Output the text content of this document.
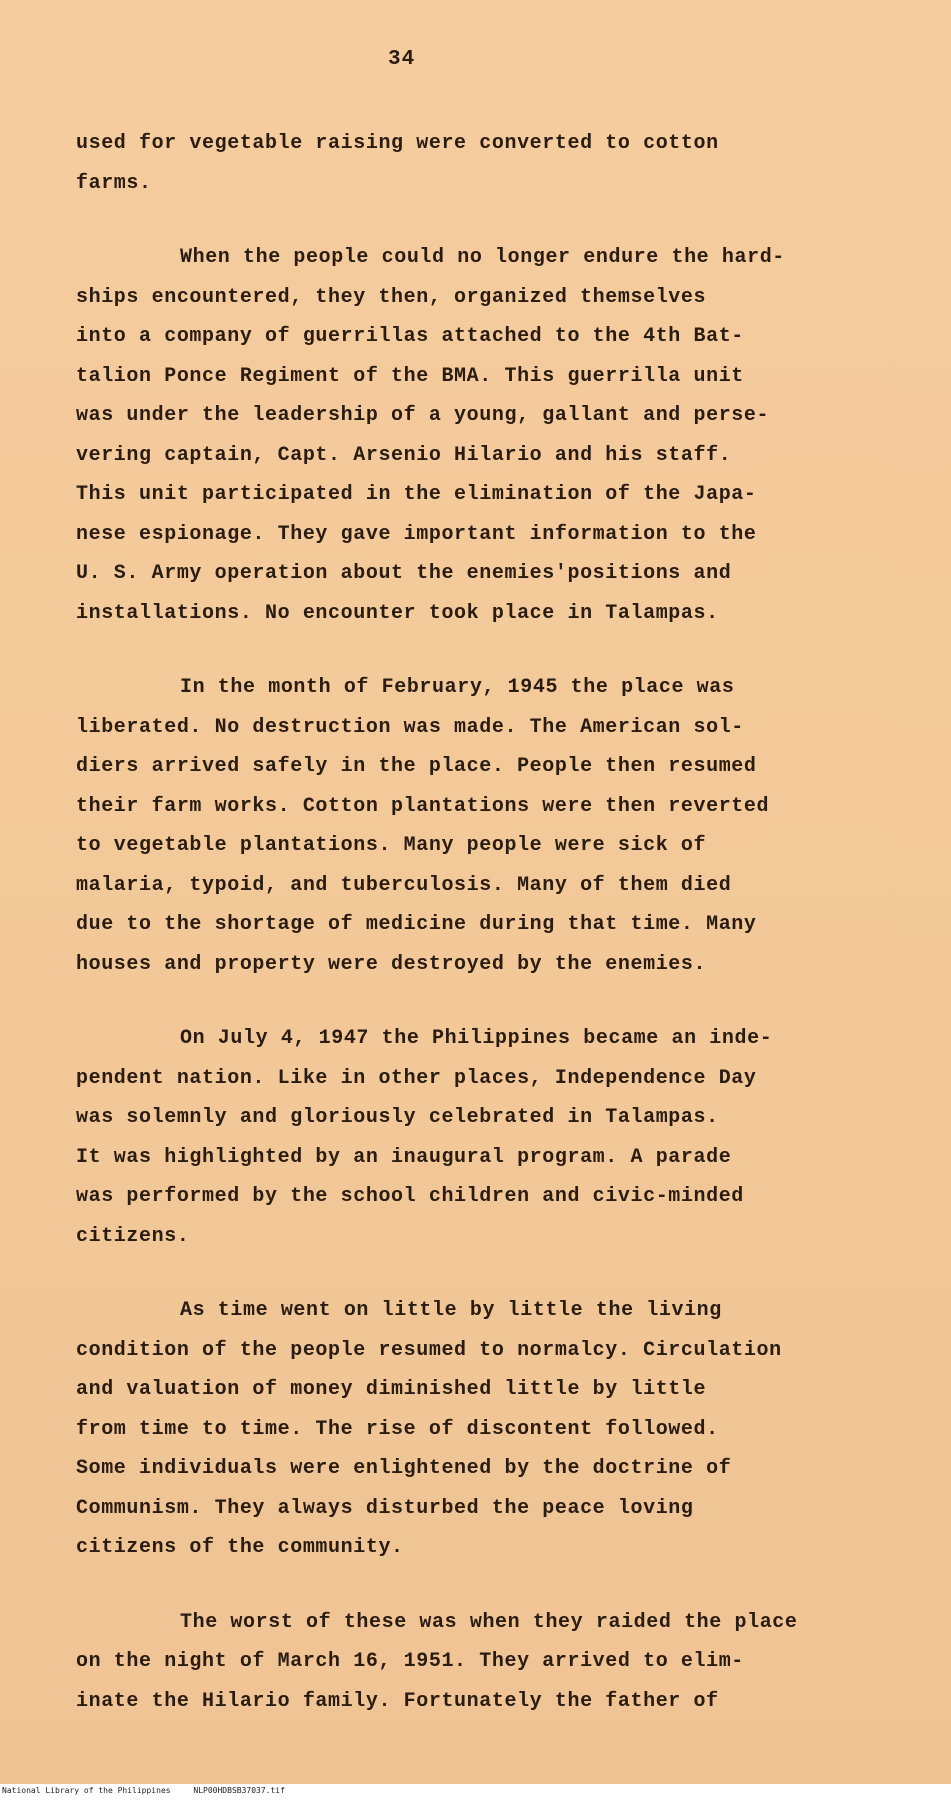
34
used for vegetable raising were converted to cotton
farms.
When the people could no longer endure the hard-
ships encountered, they then, organized themselves
into a company of guerrillas attached to the 4th Bat-
talion Ponce Regiment of the BMA. This guerrilla unit
was under the leadership of a young, gallant and perse-
vering captain, Capt. Arsenio Hilario and his staff.
This unit participated in the elimination of the Japa-
nese espionage. They gave important information to the
U. S. Army operation about the enemies'positions and
installations. No encounter took place in Talampas.
In the month of February, 1945 the place was
liberated. No destruction was made. The American sol-
diers arrived safely in the place. People then resumed
their farm works. Cotton plantations were then reverted
to vegetable plantations. Many people were sick of
malaria, typoid, and tuberculosis. Many of them died
due to the shortage of medicine during that time. Many
houses and property were destroyed by the enemies.
On July 4, 1947 the Philippines became an inde-
pendent nation. Like in other places, Independence Day
was solemnly and gloriously celebrated in Talampas.
It was highlighted by an inaugural program. A parade
was performed by the school children and civic-minded
citizens.
As time went on little by little the living
condition of the people resumed to normalcy. Circulation
and valuation of money diminished little by little
from time to time. The rise of discontent followed.
Some individuals were enlightened by the doctrine of
Communism. They always disturbed the peace loving
citizens of the community.
The worst of these was when they raided the place
on the night of March 16, 1951. They arrived to elim-
inate the Hilario family. Fortunately the father of
National Library of the Philippines	NLP00HDBSB37037.tif
